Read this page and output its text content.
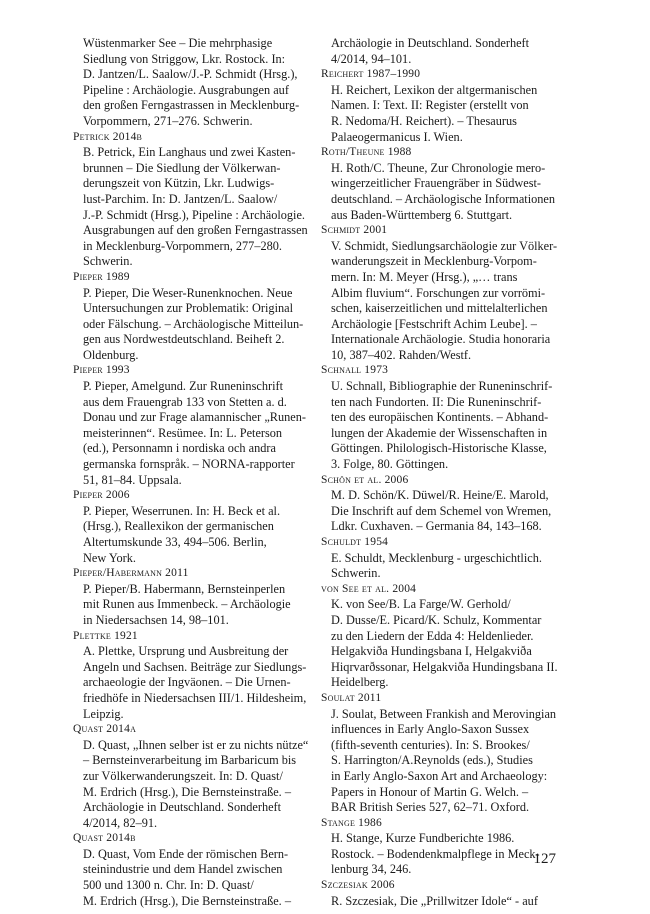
Wüstenmarker See – Die mehrphasige
Siedlung von Striggow, Lkr. Rostock. In:
D. Jantzen/L. Saalow/J.-P. Schmidt (Hrsg.),
Pipeline : Archäologie. Ausgrabungen auf
den großen Ferngastrassen in Mecklenburg-
Vorpommern, 271–276. Schwerin.
Petrick 2014b
B. Petrick, Ein Langhaus und zwei Kasten-
brunnen – Die Siedlung der Völkerwan-
derungszeit von Kützin, Lkr. Ludwigs-
lust-Parchim. In: D. Jantzen/L. Saalow/
J.-P. Schmidt (Hrsg.), Pipeline : Archäologie.
Ausgrabungen auf den großen Ferngastrassen
in Mecklenburg-Vorpommern, 277–280.
Schwerin.
Pieper 1989
P. Pieper, Die Weser-Runenknochen. Neue
Untersuchungen zur Problematik: Original
oder Fälschung. – Archäologische Mitteilun-
gen aus Nordwestdeutschland. Beiheft 2.
Oldenburg.
Pieper 1993
P. Pieper, Amelgund. Zur Runeninschrift
aus dem Frauengrab 133 von Stetten a. d.
Donau und zur Frage alamannischer „Runen-
meisterinnen“. Resümee. In: L. Peterson
(ed.), Personnamn i nordiska och andra
germanska fornspråk. – NORNA-rapporter
51, 81–84. Uppsala.
Pieper 2006
P. Pieper, Weserrunen. In: H. Beck et al.
(Hrsg.), Reallexikon der germanischen
Altertumskunde 33, 494–506. Berlin,
New York.
Pieper/Habermann 2011
P. Pieper/B. Habermann, Bernsteinperlen
mit Runen aus Immenbeck. – Archäologie
in Niedersachsen 14, 98–101.
Plettke 1921
A. Plettke, Ursprung und Ausbreitung der
Angeln und Sachsen. Beiträge zur Siedlungs-
archaeologie der Ingväonen. – Die Urnen-
friedhöfe in Niedersachsen III/1. Hildesheim,
Leipzig.
Quast 2014a
D. Quast, „Ihnen selber ist er zu nichts nütze“
– Bernsteinverarbeitung im Barbaricum bis
zur Völkerwanderungszeit. In: D. Quast/
M. Erdrich (Hrsg.), Die Bernsteinstraße. –
Archäologie in Deutschland. Sonderheft
4/2014, 82–91.
Quast 2014b
D. Quast, Vom Ende der römischen Bern-
steinindustrie und dem Handel zwischen
500 und 1300 n. Chr. In: D. Quast/
M. Erdrich (Hrsg.), Die Bernsteinstraße. –
Archäologie in Deutschland. Sonderheft
4/2014, 94–101.
Reichert 1987–1990
H. Reichert, Lexikon der altgermanischen
Namen. I: Text. II: Register (erstellt von
R. Nedoma/H. Reichert). – Thesaurus
Palaeogermanicus I. Wien.
Roth/Theune 1988
H. Roth/C. Theune, Zur Chronologie mero-
wingerzeitlicher Frauengräber in Südwest-
deutschland. – Archäologische Informationen
aus Baden-Württemberg 6. Stuttgart.
Schmidt 2001
V. Schmidt, Siedlungsarchäologie zur Völker-
wanderungszeit in Mecklenburg-Vorpom-
mern. In: M. Meyer (Hrsg.), „… trans
Albim fluvium“. Forschungen zur vorrömi-
schen, kaiserzeitlichen und mittelalterlichen
Archäologie [Festschrift Achim Leube]. –
Internationale Archäologie. Studia honoraria
10, 387–402. Rahden/Westf.
Schnall 1973
U. Schnall, Bibliographie der Runeninschrif-
ten nach Fundorten. II: Die Runeninschrif-
ten des europäischen Kontinents. – Abhand-
lungen der Akademie der Wissenschaften in
Göttingen. Philologisch-Historische Klasse,
3. Folge, 80. Göttingen.
Schön et al. 2006
M. D. Schön/K. Düwel/R. Heine/E. Marold,
Die Inschrift auf dem Schemel von Wremen,
Ldkr. Cuxhaven. – Germania 84, 143–168.
Schuldt 1954
E. Schuldt, Mecklenburg - urgeschichtlich.
Schwerin.
von See et al. 2004
K. von See/B. La Farge/W. Gerhold/
D. Dusse/E. Picard/K. Schulz, Kommentar
zu den Liedern der Edda 4: Heldenlieder.
Helgakviða Hundingsbana I, Helgakviða
Hiqrvarðssonar, Helgakviða Hundingsbana II.
Heidelberg.
Soulat 2011
J. Soulat, Between Frankish and Merovingian
influences in Early Anglo-Saxon Sussex
(fifth-seventh centuries). In: S. Brookes/
S. Harrington/A.Reynolds (eds.), Studies
in Early Anglo-Saxon Art and Archaeology:
Papers in Honour of Martin G. Welch. –
BAR British Series 527, 62–71. Oxford.
Stange 1986
H. Stange, Kurze Fundberichte 1986.
Rostock. – Bodendenkmalpflege in Meck-
lenburg 34, 246.
Szczesiak 2006
R. Szczesiak, Die „Prillwitzer Idole“ - auf
127
